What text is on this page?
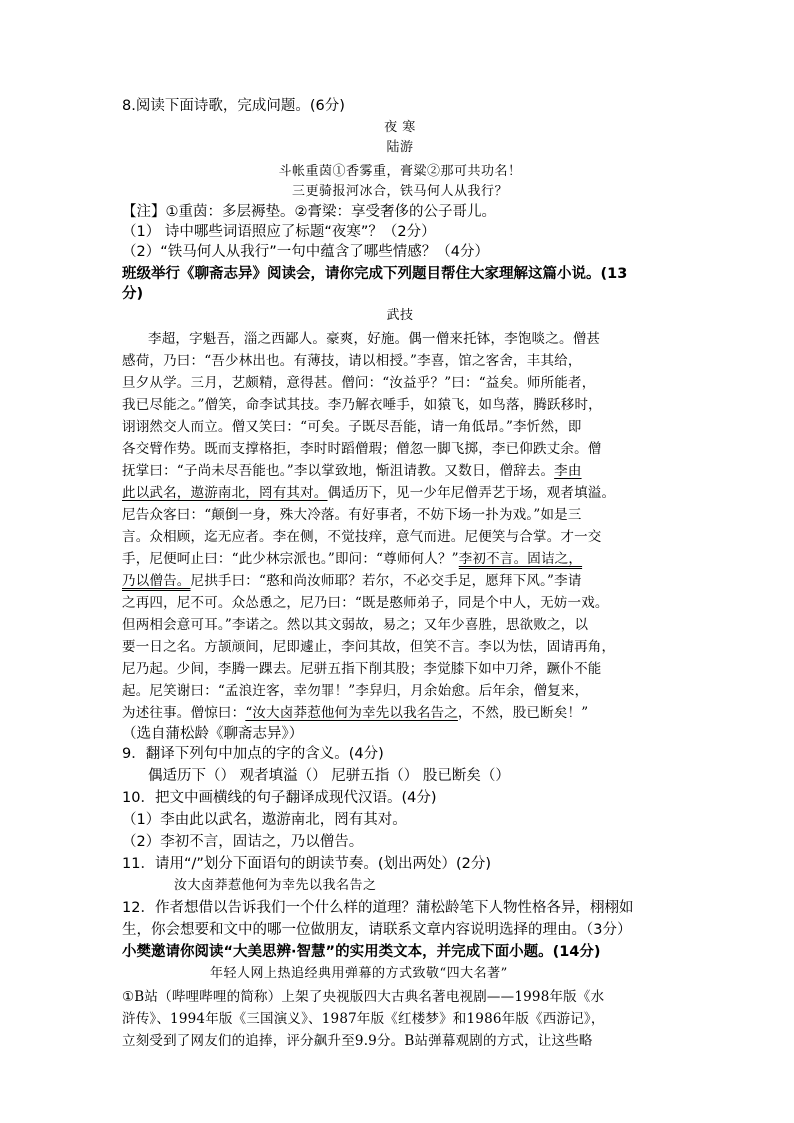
8.阅读下面诗歌，完成问题。(6分)
夜 寒
陆游
斗帐重茵①香雾重，膏粱②那可共功名！
三更骑报河冰合，铁马何人从我行？
【注】①重茵：多层褥垫。②膏梁：享受奢侈的公子哥儿。
（1） 诗中哪些词语照应了标题“夜寒”？（2分）
（2）“铁马何人从我行”一句中蕴含了哪些情感？（4分）
班级举行《聊斋志异》阅读会，请你完成下列题目帮住大家理解这篇小说。(13
分)
武技
李超，字魁吾，淄之西鄙人。豪爽，好施。偶一僧来托钵，李饱啖之。僧甚
感荷，乃曰：“吾少林出也。有薄技，请以相授。”李喜，馆之客舍，丰其给，
旦夕从学。三月，艺颇精，意得甚。僧问：“汝益乎？”曰：“益矣。师所能者，
我已尽能之。”僧笑，命李试其技。李乃解衣唾手，如猿飞，如鸟落，腾跃移时，
诩诩然交人而立。僧又笑曰：“可矣。子既尽吾能，请一角低昂。”李忻然，即
各交臂作势。既而支撑格拒，李时时蹈僧瑕；僧忽一脚飞掷，李已仰跌丈余。僧
抚掌曰：“子尚未尽吾能也。”李以掌致地，惭沮请教。又数日，僧辞去。李由
此以武名，遨游南北，罔有其对。偶适历下，见一少年尼僧弄艺于场，观者填溢。
尼告众客曰：“颠倒一身，殊大冷落。有好事者，不妨下场一扑为戏。”如是三
言。众相顾，迄无应者。李在侧，不觉技痒，意气而进。尼便笑与合掌。才一交
手，尼便呵止曰：“此少林宗派也。”即问：“尊师何人？”李初不言。固诘之，
乃以僧告。尼拱手曰：“憨和尚汝师耶？若尔，不必交手足，愿拜下风。”李请
之再四，尼不可。众怂恿之，尼乃曰：“既是憨师弟子，同是个中人，无妨一戏。
但两相会意可耳。”李诺之。然以其文弱故，易之；又年少喜胜，思欲败之，以
要一日之名。方颉颃间，尼即遽止，李问其故，但笑不言。李以为怯，固请再角，
尼乃起。少间，李腾一踝去。尼骈五指下削其股；李觉膝下如中刀斧，蹶仆不能
起。尼笑谢曰：“孟浪迕客，幸勿罪！”李舁归，月余始愈。后年余，僧复来，
为述往事。僧惊曰：“汝大卤莽惹他何为幸先以我名告之，不然，股已断矣！”
（选自蒲松龄《聊斋志异》）
9．翻译下列句中加点的字的含义。(4分)
偶适历下（） 观者填溢（） 尼骈五指（） 股已断矣（）
10．把文中画横线的句子翻译成现代汉语。(4分)
（1）李由此以武名，遨游南北，罔有其对。
（2）李初不言，固诘之，乃以僧告。
11．请用“/”划分下面语句的朗读节奏。(划出两处）(2分)
汝大卤莽惹他何为幸先以我名告之
12．作者想借以告诉我们一个什么样的道理？蒲松龄笔下人物性格各异，栩栩如
生，你会想要和文中的哪一位做朋友，请联系文章内容说明选择的理由。（3分）
小樊邀请你阅读“大美思辨·智慧”的实用类文本，并完成下面小题。(14分)
年轻人网上热追经典用弹幕的方式致敬“四大名著”
①B站（哔哩哔哩的简称）上架了央视版四大古典名著电视剧——1998年版《水
浒传》、1994年版《三国演义》、1987年版《红楼梦》和1986年版《西游记》，
立刻受到了网友们的追捧，评分飙升至9.9分。B站弹幕观剧的方式，让这些略
